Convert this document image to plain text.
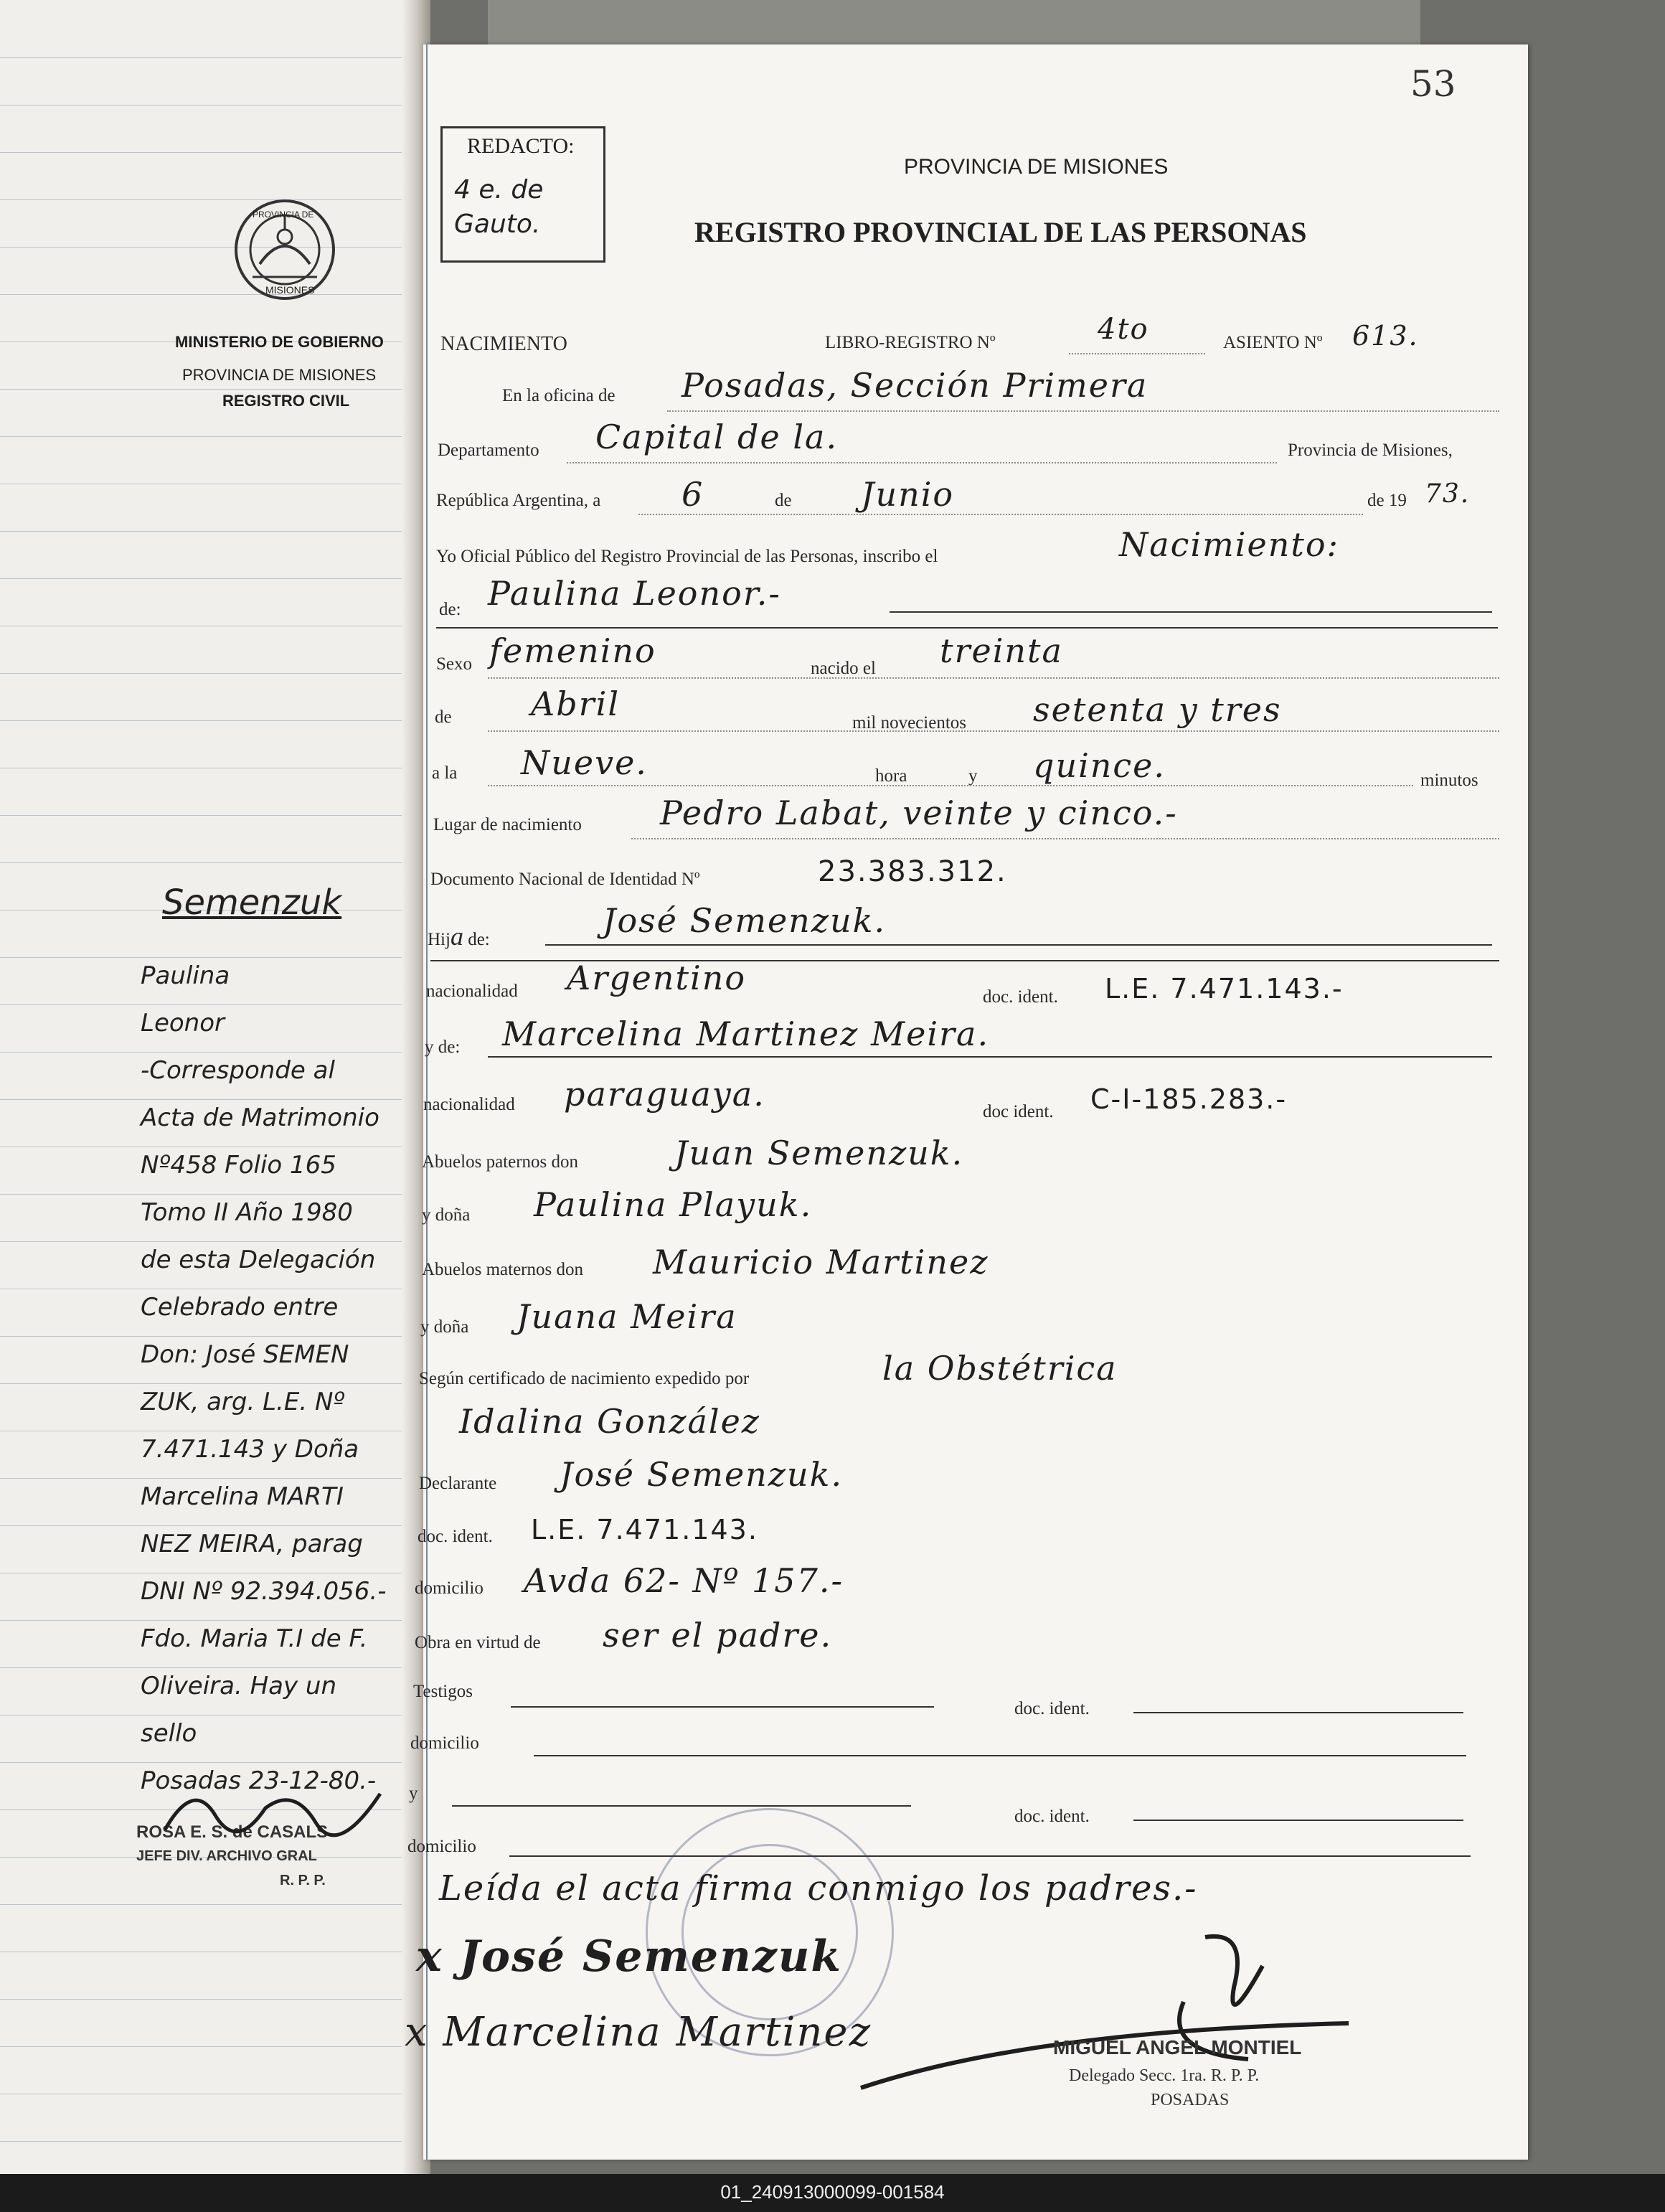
53
REDACTO:
4 e. de Gauto.
PROVINCIA DE MISIONES
REGISTRO PROVINCIAL DE LAS PERSONAS
PROVINCIA DE
MISIONES
MINISTERIO DE GOBIERNO
PROVINCIA DE MISIONES
REGISTRO CIVIL
NACIMIENTO	LIBRO-REGISTRO Nº	4to	ASIENTO Nº 613.
En la oficina de Posadas, Sección Primera
Departamento Capital de la.	Provincia de Misiones,
República Argentina, a 6	de Junio	de 19 73.
Yo Oficial Público del Registro Provincial de las Personas, inscribo el	Nacimiento:
de: Paulina Leonor.-
Sexo femenino	nacido el treinta
de Abril	mil novecientos setenta y tres
a la Nueve.	hora	y quince.	minutos
Lugar de nacimiento Pedro Labat, veinte y cinco.-
Documento Nacional de Identidad Nº	23.383.312.
Hija de:	José Semenzuk.
nacionalidad Argentino	doc. ident. L.E. 7.471.143.-
y de: Marcelina Martinez Meira.
nacionalidad paraguaya.	doc ident. C-I-185.283.-
Abuelos paternos don	Juan Semenzuk.
y doña Paulina Playuk.
Abuelos maternos don Mauricio Martinez
y doña Juana Meira
Según certificado de nacimiento expedido por	la Obstétrica
Idalina González
Declarante José Semenzuk.
doc. ident. L.E. 7.471.143.
domicilio Avda 62- Nº 157.-
Obra en virtud de ser el padre.
Testigos
doc. ident.
domicilio
y
doc. ident.
domicilio
Leída el acta firma conmigo los padres.-
x José Semenzuk
x Marcelina Martinez	MIGUEL ANGEL MONTIEL
Delegado Secc. 1ra. R. P. P.
POSADAS
Semenzuk
Paulina
Leonor
-Corresponde al
Acta de Matrimonio
Nº458 Folio 165
Tomo II Año 1980
de esta Delegación
Celebrado entre
Don: José SEMEN
ZUK, arg. L.E. Nº
7.471.143 y Doña
Marcelina MARTI
NEZ MEIRA, parag
DNI Nº 92.394.056.-
Fdo. Maria T.I de F.
Oliveira. Hay un
sello
Posadas 23-12-80.-
ROSA E. S. de CASALS
JEFE DIV. ARCHIVO GRAL
R. P. P.
01_240913000099-001584
